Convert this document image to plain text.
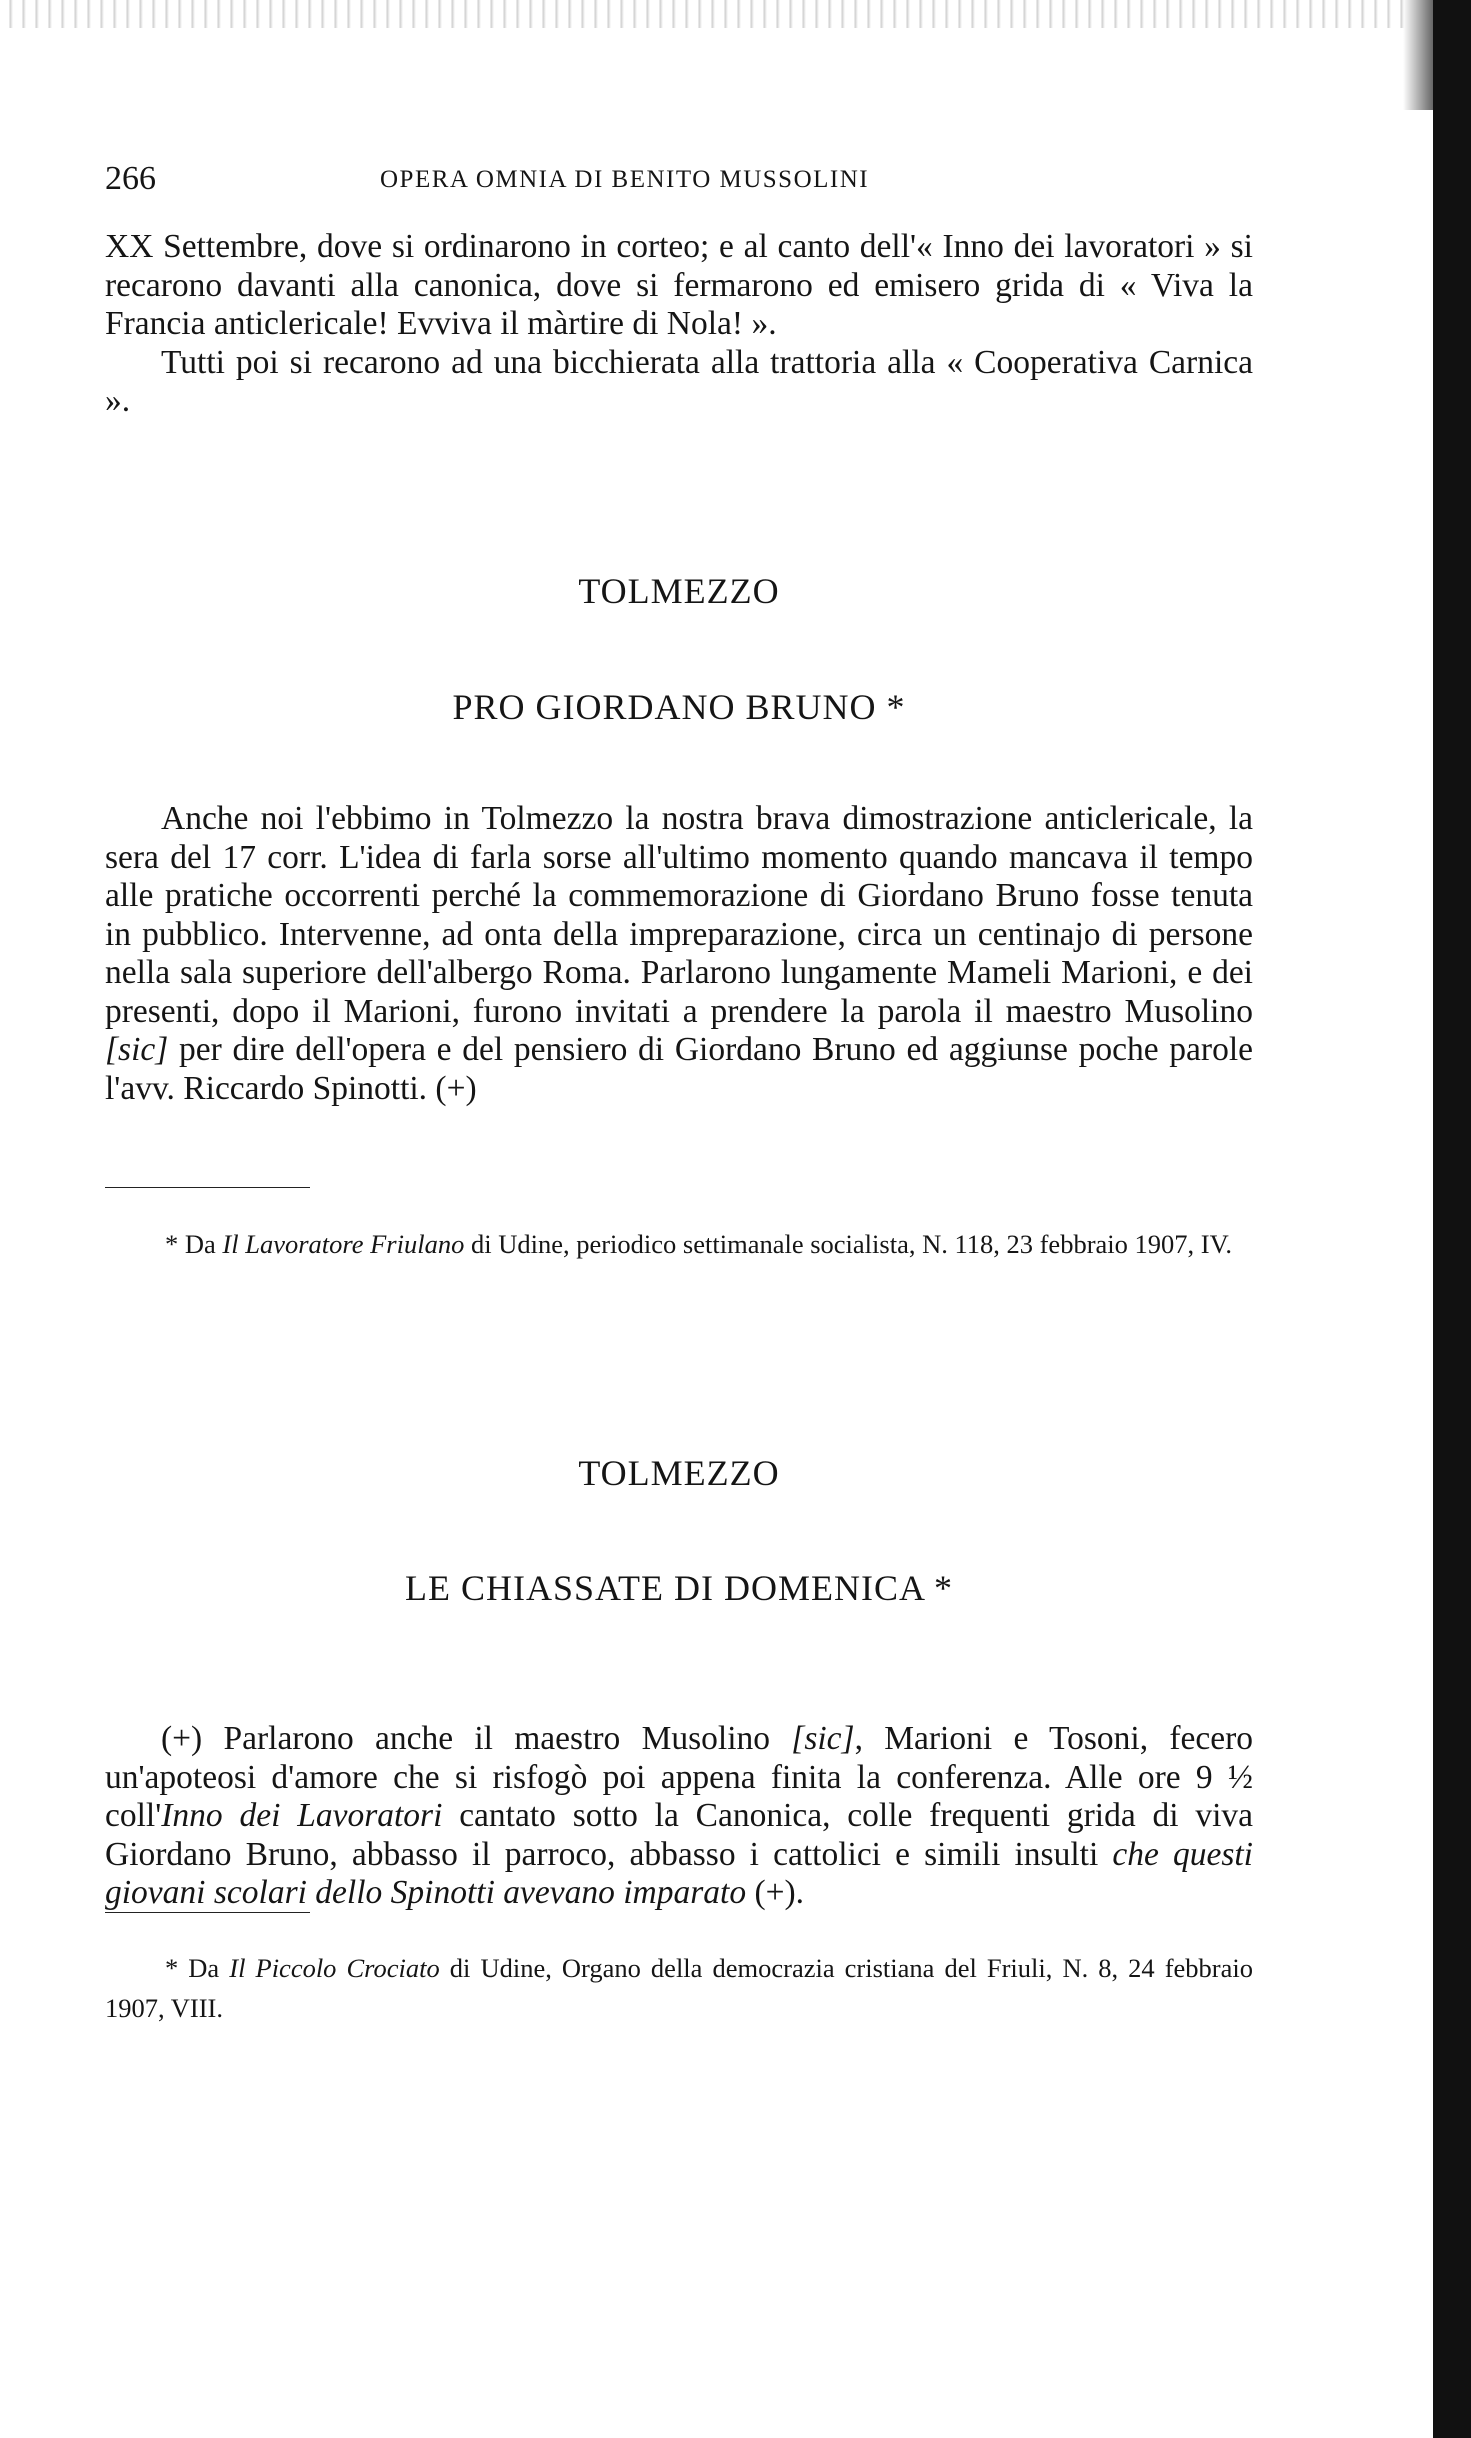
266	OPERA OMNIA DI BENITO MUSSOLINI

XX Settembre, dove si ordinarono in corteo; e al canto dell'« Inno dei lavoratori » si recarono davanti alla canonica, dove si fermarono ed emisero grida di « Viva la Francia anticlericale! Evviva il màrtire di Nola! ».

Tutti poi si recarono ad una bicchierata alla trattoria alla « Cooperativa Carnica ».

TOLMEZZO
PRO GIORDANO BRUNO *

Anche noi l'ebbimo in Tolmezzo la nostra brava dimostrazione anticlericale, la sera del 17 corr. L'idea di farla sorse all'ultimo momento quando mancava il tempo alle pratiche occorrenti perché la commemorazione di Giordano Bruno fosse tenuta in pubblico. Intervenne, ad onta della impreparazione, circa un centinajo di persone nella sala superiore dell'albergo Roma. Parlarono lungamente Mameli Marioni, e dei presenti, dopo il Marioni, furono invitati a prendere la parola il maestro Musolino [sic] per dire dell'opera e del pensiero di Giordano Bruno ed aggiunse poche parole l'avv. Riccardo Spinotti. (+)

* Da Il Lavoratore Friulano di Udine, periodico settimanale socialista, N. 118, 23 febbraio 1907, IV.

TOLMEZZO
LE CHIASSATE DI DOMENICA *

(+) Parlarono anche il maestro Musolino [sic], Marioni e Tosoni, fecero un'apoteosi d'amore che si risfogò poi appena finita la conferenza. Alle ore 9 ½ coll'Inno dei Lavoratori cantato sotto la Canonica, colle frequenti grida di viva Giordano Bruno, abbasso il parroco, abbasso i cattolici e simili insulti che questi giovani scolari dello Spinotti avevano imparato (+).

* Da Il Piccolo Crociato di Udine, Organo della democrazia cristiana del Friuli, N. 8, 24 febbraio 1907, VIII.
